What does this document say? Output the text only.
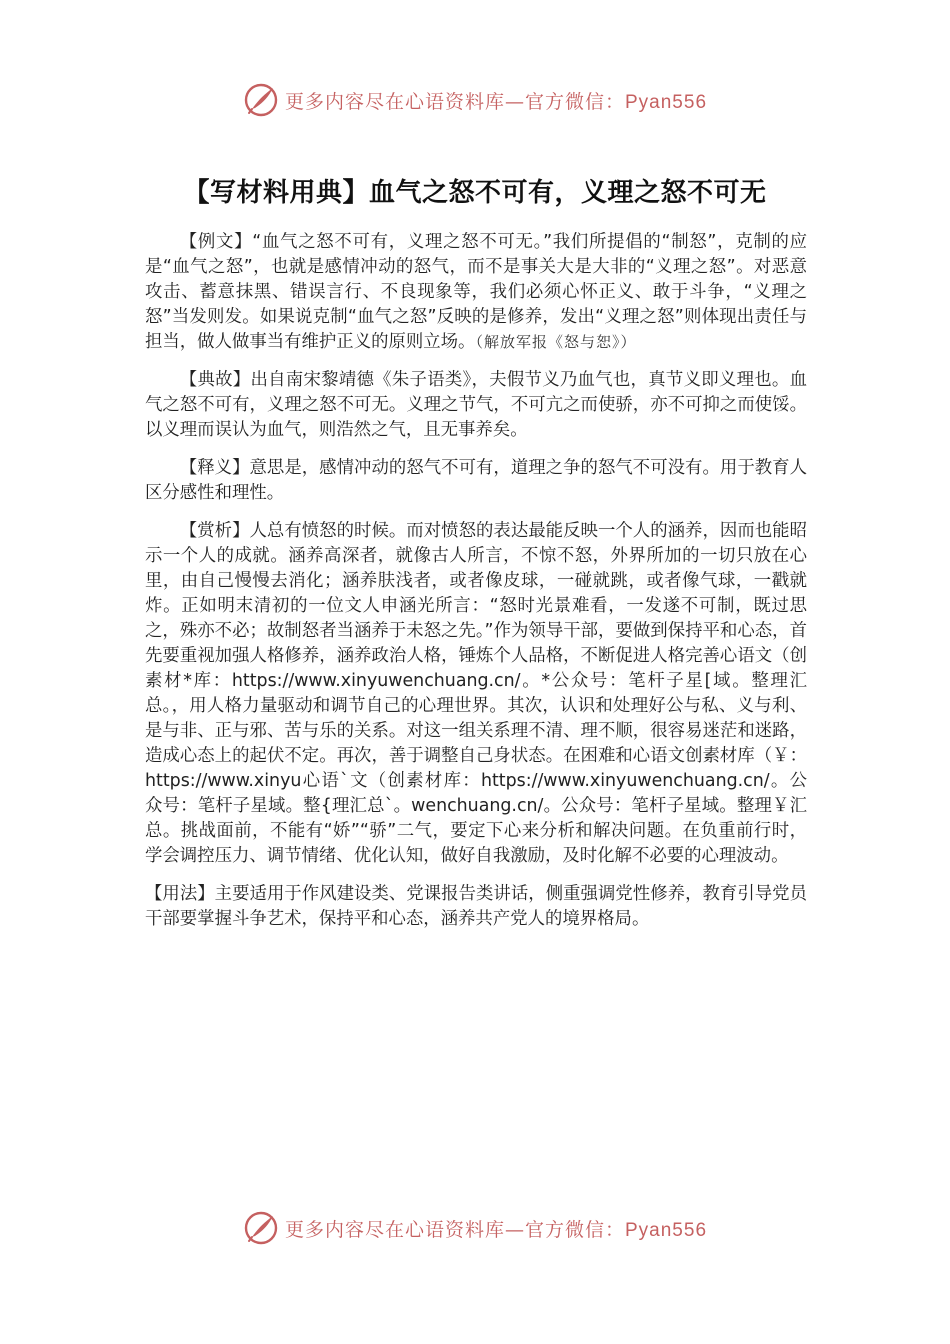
更多内容尽在心语资料库—官方微信：Pyan556
【写材料用典】血气之怒不可有，义理之怒不可无

【例文】“血气之怒不可有，义理之怒不可无。”我们所提倡的“制怒”，克制的应是“血气之怒”，也就是感情冲动的怒气，而不是事关大是大非的“义理之怒”。对恶意攻击、蓄意抹黑、错误言行、不良现象等，我们必须心怀正义、敢于斗争，“义理之怒”当发则发。如果说克制“血气之怒”反映的是修养，发出“义理之怒”则体现出责任与担当，做人做事当有维护正义的原则立场。（解放军报《怒与恕》）

【典故】出自南宋黎靖德《朱子语类》，夫假节义乃血气也，真节义即义理也。血气之怒不可有，义理之怒不可无。义理之节气，不可亢之而使骄，亦不可抑之而使馁。以义理而误认为血气，则浩然之气，且无事养矣。

【释义】意思是，感情冲动的怒气不可有，道理之争的怒气不可没有。用于教育人区分感性和理性。

【赏析】人总有愤怒的时候。而对愤怒的表达最能反映一个人的涵养，因而也能昭示一个人的成就。涵养高深者，就像古人所言，不惊不怒，外界所加的一切只放在心里，由自己慢慢去消化；涵养肤浅者，或者像皮球，一碰就跳，或者像气球，一戳就炸。正如明末清初的一位文人申涵光所言：“怒时光景难看，一发遂不可制，既过思之，殊亦不必；故制怒者当涵养于未怒之先。”作为领导干部，要做到保持平和心态，首先要重视加强人格修养，涵养政治人格，锤炼个人品格，不断促进人格完善心语文（创素材*库：https://www.xinyuwenchuang.cn/。*公众号：笔杆子星[域。整理汇总。，用人格力量驱动和调节自己的心理世界。其次，认识和处理好公与私、义与利、是与非、正与邪、苦与乐的关系。对这一组关系理不清、理不顺，很容易迷茫和迷路，造成心态上的起伏不定。再次，善于调整自己身状态。在困难和心语文创素材库（￥：https://www.xinyu心语`文（创素材库：https://www.xinyuwenchuang.cn/。公众号：笔杆子星域。整{理汇总`。wenchuang.cn/。公众号：笔杆子星域。整理￥汇总。挑战面前，不能有“娇”“骄”二气，要定下心来分析和解决问题。在负重前行时，学会调控压力、调节情绪、优化认知，做好自我激励，及时化解不必要的心理波动。

【用法】主要适用于作风建设类、党课报告类讲话，侧重强调党性修养，教育引导党员干部要掌握斗争艺术，保持平和心态，涵养共产党人的境界格局。

更多内容尽在心语资料库—官方微信：Pyan556
